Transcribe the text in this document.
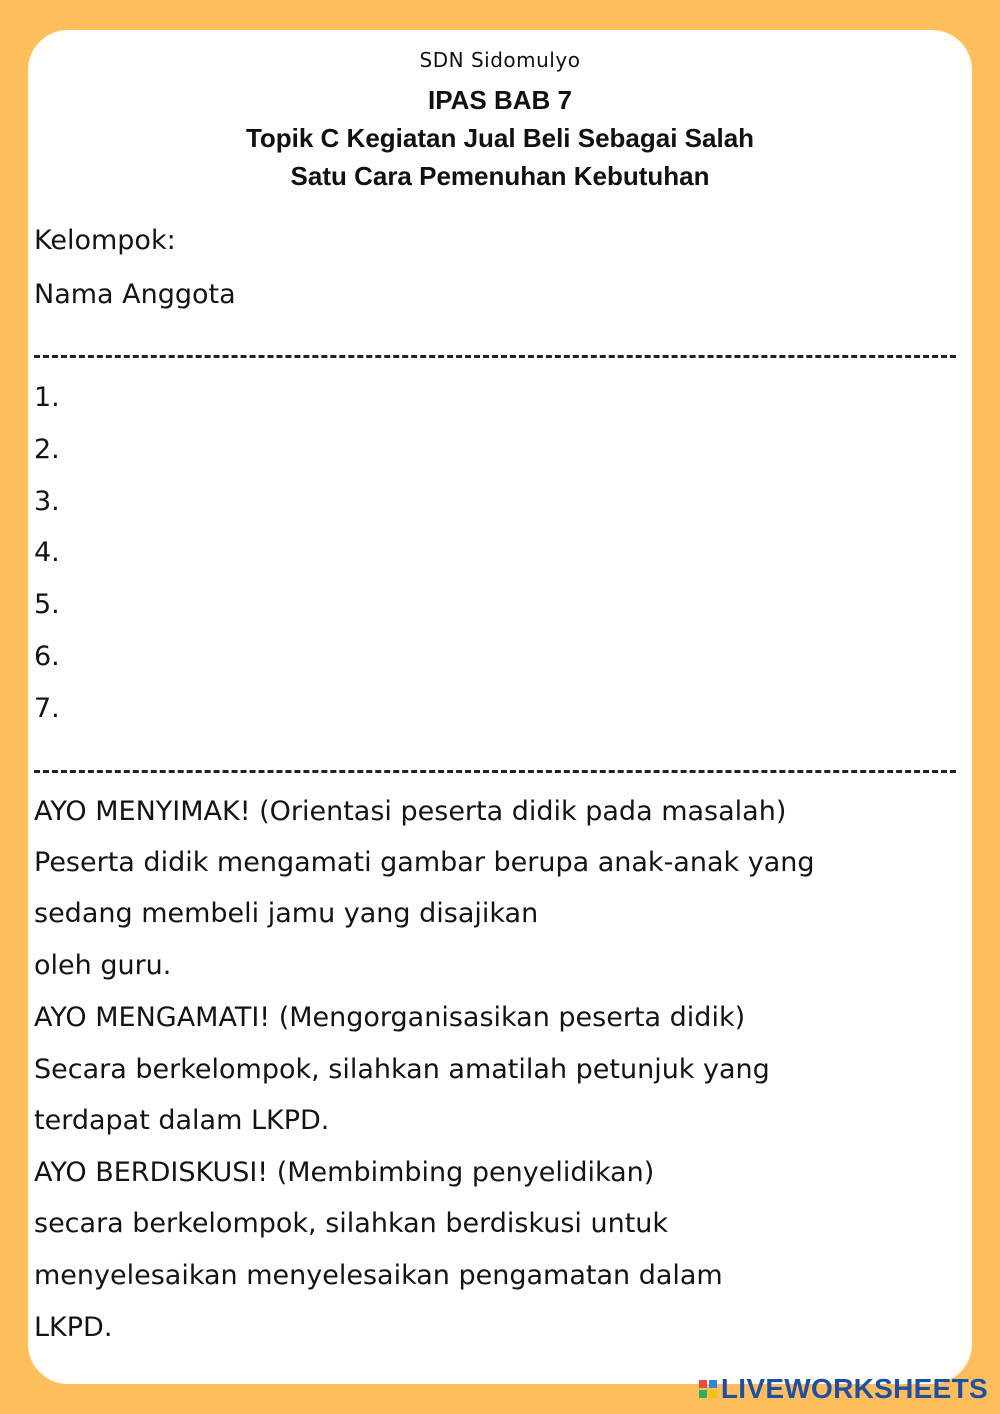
SDN Sidomulyo
IPAS BAB 7
Topik C Kegiatan Jual Beli Sebagai Salah
Satu Cara Pemenuhan Kebutuhan
Kelompok:
Nama Anggota
1.
2.
3.
4.
5.
6.
7.
AYO MENYIMAK! (Orientasi peserta didik pada masalah)
Peserta didik mengamati gambar berupa anak-anak yang
sedang membeli jamu yang disajikan
oleh guru.
AYO MENGAMATI! (Mengorganisasikan peserta didik)
Secara berkelompok, silahkan amatilah petunjuk yang
terdapat dalam LKPD.
AYO BERDISKUSI! (Membimbing penyelidikan)
secara berkelompok, silahkan berdiskusi untuk
menyelesaikan menyelesaikan pengamatan dalam
LKPD.
LIVEWORKSHEETS
